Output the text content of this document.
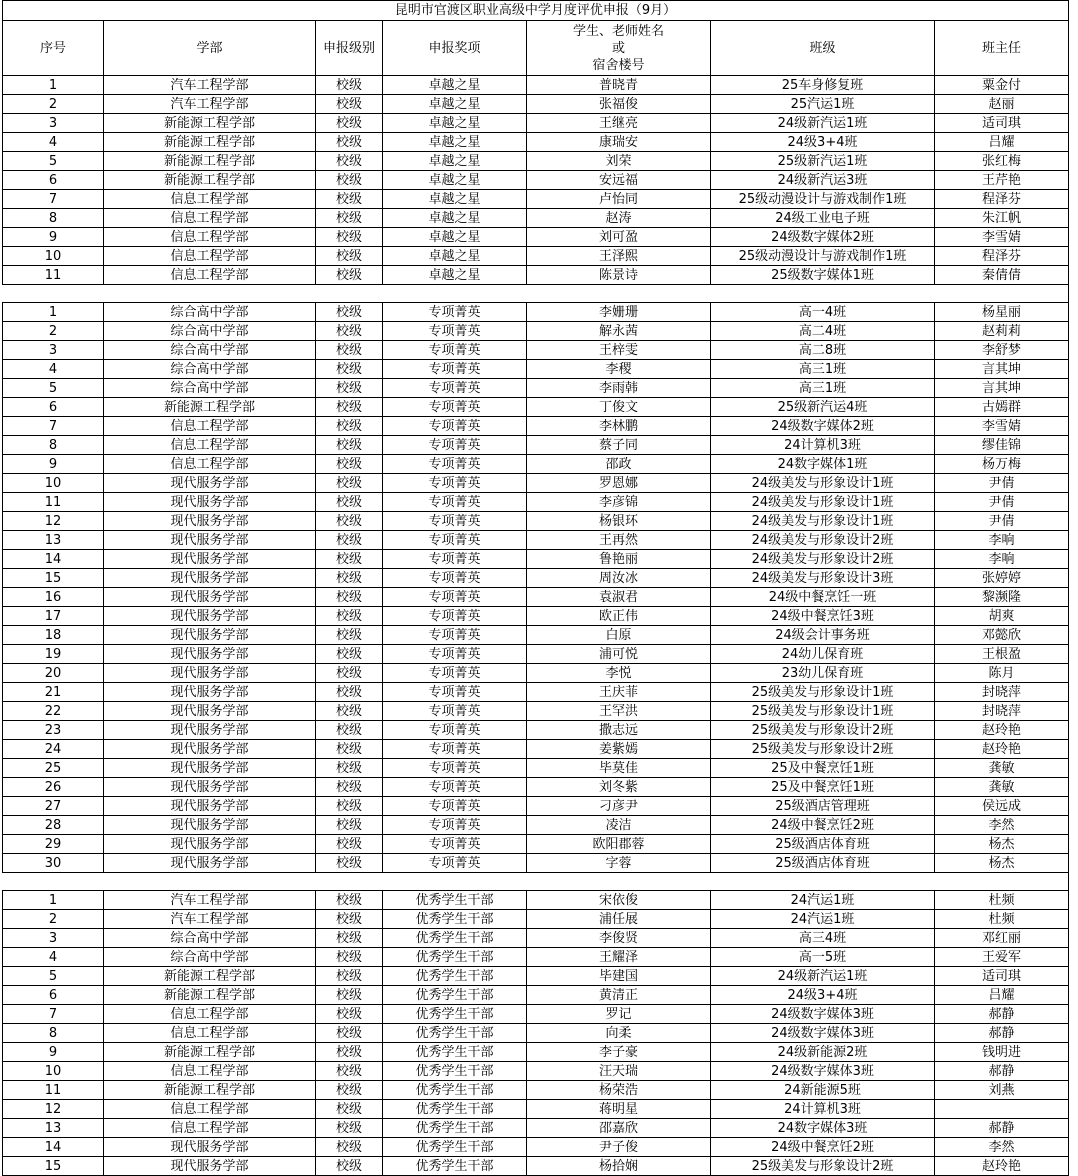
昆明市官渡区职业高级中学月度评优申报（9月）						
序号	学部	申报级别	申报奖项	学生、老师姓名
或
宿舍楼号	班级	班主任
1	汽车工程学部	校级	卓越之星	普晓青	25车身修复班	粟金付
2	汽车工程学部	校级	卓越之星	张福俊	25汽运1班	赵丽
3	新能源工程学部	校级	卓越之星	王继亮	24级新汽运1班	适司琪
4	新能源工程学部	校级	卓越之星	康瑞安	24级3+4班	吕耀
5	新能源工程学部	校级	卓越之星	刘荣	25级新汽运1班	张红梅
6	新能源工程学部	校级	卓越之星	安远福	24级新汽运3班	王芹艳
7	信息工程学部	校级	卓越之星	卢怡同	25级动漫设计与游戏制作1班	程泽芬
8	信息工程学部	校级	卓越之星	赵涛	24级工业电子班	朱江帆
9	信息工程学部	校级	卓越之星	刘可盈	24级数字媒体2班	李雪婧
10	信息工程学部	校级	卓越之星	王泽熙	25级动漫设计与游戏制作1班	程泽芬
11	信息工程学部	校级	卓越之星	陈景诗	25级数字媒体1班	秦倩倩

1	综合高中学部	校级	专项菁英	李姗珊	高一4班	杨星丽
2	综合高中学部	校级	专项菁英	解永茜	高二4班	赵莉莉
3	综合高中学部	校级	专项菁英	王梓雯	高二8班	李舒梦
4	综合高中学部	校级	专项菁英	李稷	高三1班	言其坤
5	综合高中学部	校级	专项菁英	李雨韩	高三1班	言其坤
6	新能源工程学部	校级	专项菁英	丁俊文	25级新汽运4班	古嫣群
7	信息工程学部	校级	专项菁英	李林鹏	24级数字媒体2班	李雪婧
8	信息工程学部	校级	专项菁英	蔡子同	24计算机3班	缪佳锦
9	信息工程学部	校级	专项菁英	邵政	24数字媒体1班	杨万梅
10	现代服务学部	校级	专项菁英	罗恩娜	24级美发与形象设计1班	尹倩
11	现代服务学部	校级	专项菁英	李彦锦	24级美发与形象设计1班	尹倩
12	现代服务学部	校级	专项菁英	杨银环	24级美发与形象设计1班	尹倩
13	现代服务学部	校级	专项菁英	王再然	24级美发与形象设计2班	李响
14	现代服务学部	校级	专项菁英	鲁艳丽	24级美发与形象设计2班	李响
15	现代服务学部	校级	专项菁英	周汝冰	24级美发与形象设计3班	张婷婷
16	现代服务学部	校级	专项菁英	袁淑君	24级中餐烹饪一班	黎濒隆
17	现代服务学部	校级	专项菁英	欧正伟	24级中餐烹饪3班	胡爽
18	现代服务学部	校级	专项菁英	白原	24级会计事务班	邓懿欣
19	现代服务学部	校级	专项菁英	浦可悦	24幼儿保育班	王根盈
20	现代服务学部	校级	专项菁英	李悦	23幼儿保育班	陈月
21	现代服务学部	校级	专项菁英	王庆菲	25级美发与形象设计1班	封晓萍
22	现代服务学部	校级	专项菁英	王罕洪	25级美发与形象设计1班	封晓萍
23	现代服务学部	校级	专项菁英	撒志远	25级美发与形象设计2班	赵玲艳
24	现代服务学部	校级	专项菁英	姜紫嫣	25级美发与形象设计2班	赵玲艳
25	现代服务学部	校级	专项菁英	毕莫佳	25及中餐烹饪1班	龚敏
26	现代服务学部	校级	专项菁英	刘冬紫	25及中餐烹饪1班	龚敏
27	现代服务学部	校级	专项菁英	刁彦尹	25级酒店管理班	侯远成
28	现代服务学部	校级	专项菁英	凌洁	24级中餐烹饪2班	李然
29	现代服务学部	校级	专项菁英	欧阳郡蓉	25级酒店体育班	杨杰
30	现代服务学部	校级	专项菁英	字蓉	25级酒店体育班	杨杰

1	汽车工程学部	校级	优秀学生干部	宋依俊	24汽运1班	杜频
2	汽车工程学部	校级	优秀学生干部	浦任展	24汽运1班	杜频
3	综合高中学部	校级	优秀学生干部	李俊贤	高三4班	邓红丽
4	综合高中学部	校级	优秀学生干部	王耀泽	高一5班	王爱军
5	新能源工程学部	校级	优秀学生干部	毕建国	24级新汽运1班	适司琪
6	新能源工程学部	校级	优秀学生干部	黄清正	24级3+4班	吕耀
7	信息工程学部	校级	优秀学生干部	罗记	24级数字媒体3班	郝静
8	信息工程学部	校级	优秀学生干部	向柔	24级数字媒体3班	郝静
9	新能源工程学部	校级	优秀学生干部	李子豪	24级新能源2班	钱明进
10	信息工程学部	校级	优秀学生干部	汪天瑞	24级数字媒体3班	郝静
11	新能源工程学部	校级	优秀学生干部	杨荣浩	24新能源5班	刘燕
12	信息工程学部	校级	优秀学生干部	蒋明星	24计算机3班	
13	信息工程学部	校级	优秀学生干部	邵嘉欣	24数字媒体3班	郝静
14	现代服务学部	校级	优秀学生干部	尹子俊	24级中餐烹饪2班	李然
15	现代服务学部	校级	优秀学生干部	杨拾娴	25级美发与形象设计2班	赵玲艳
